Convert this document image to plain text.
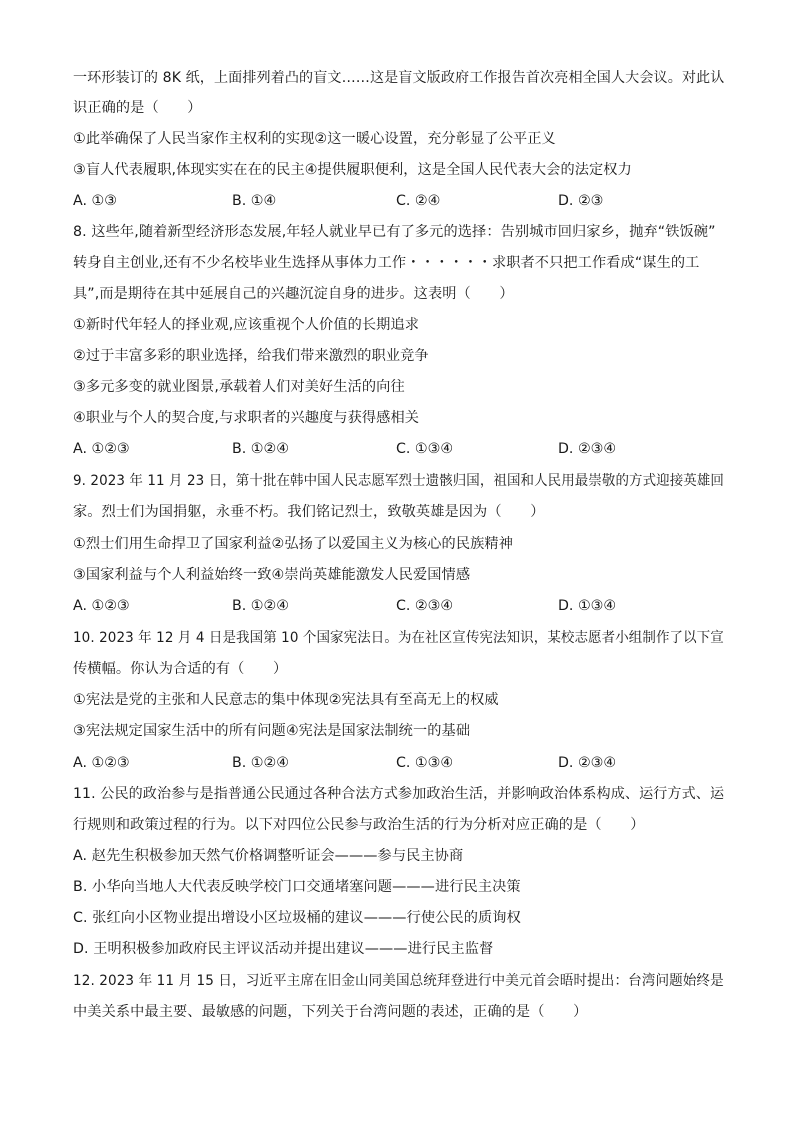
一环形装订的 8K 纸，上面排列着凸的盲文……这是盲文版政府工作报告首次亮相全国人大会议。对此认
识正确的是（　　）
①此举确保了人民当家作主权利的实现②这一暖心设置，充分彰显了公平正义
③盲人代表履职,体现实实在在的民主④提供履职便利，这是全国人民代表大会的法定权力
A. ①③	B. ①④	C. ②④	D. ②③
8. 这些年,随着新型经济形态发展,年轻人就业早已有了多元的选择：告别城市回归家乡，抛弃“铁饭碗”
转身自主创业,还有不少名校毕业生选择从事体力工作・・・・・・求职者不只把工作看成“谋生的工
具”,而是期待在其中延展自己的兴趣沉淀自身的进步。这表明（　　）
①新时代年轻人的择业观,应该重视个人价值的长期追求
②过于丰富多彩的职业选择，给我们带来激烈的职业竞争
③多元多变的就业图景,承载着人们对美好生活的向往
④职业与个人的契合度,与求职者的兴趣度与获得感相关
A. ①②③	B. ①②④	C. ①③④	D. ②③④
9. 2023 年 11 月 23 日，第十批在韩中国人民志愿军烈士遗骸归国，祖国和人民用最崇敬的方式迎接英雄回
家。烈士们为国捐躯，永垂不朽。我们铭记烈士，致敬英雄是因为（　　）
①烈士们用生命捍卫了国家利益②弘扬了以爱国主义为核心的民族精神
③国家利益与个人利益始终一致④崇尚英雄能激发人民爱国情感
A. ①②③	B. ①②④	C. ②③④	D. ①③④
10. 2023 年 12 月 4 日是我国第 10 个国家宪法日。为在社区宣传宪法知识，某校志愿者小组制作了以下宣
传横幅。你认为合适的有（　　）
①宪法是党的主张和人民意志的集中体现②宪法具有至高无上的权威
③宪法规定国家生活中的所有问题④宪法是国家法制统一的基础
A. ①②③	B. ①②④	C. ①③④	D. ②③④
11. 公民的政治参与是指普通公民通过各种合法方式参加政治生活，并影响政治体系构成、运行方式、运
行规则和政策过程的行为。以下对四位公民参与政治生活的行为分析对应正确的是（　　）
A. 赵先生积极参加天然气价格调整听证会———参与民主协商
B. 小华向当地人大代表反映学校门口交通堵塞问题———进行民主决策
C. 张红向小区物业提出增设小区垃圾桶的建议———行使公民的质询权
D. 王明积极参加政府民主评议活动并提出建议———进行民主监督
12. 2023 年 11 月 15 日，习近平主席在旧金山同美国总统拜登进行中美元首会晤时提出：台湾问题始终是
中美关系中最主要、最敏感的问题，下列关于台湾问题的表述，正确的是（　　）
